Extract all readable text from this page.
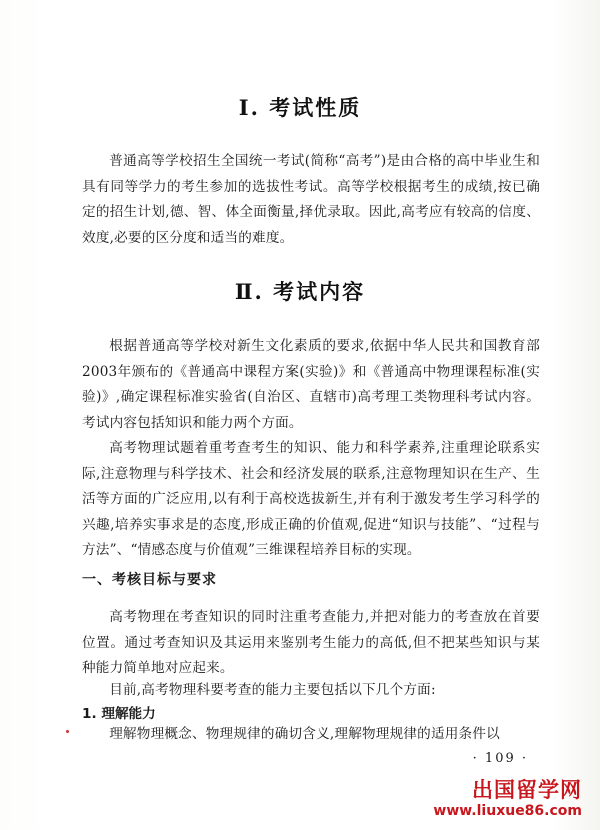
Ⅰ. 考试性质

普通高等学校招生全国统一考试(简称“高考”)是由合格的高中毕业生和具有同等学力的考生参加的选拔性考试。高等学校根据考生的成绩,按已确定的招生计划,德、智、体全面衡量,择优录取。因此,高考应有较高的信度、效度,必要的区分度和适当的难度。

Ⅱ. 考试内容

根据普通高等学校对新生文化素质的要求,依据中华人民共和国教育部2003年颁布的《普通高中课程方案(实验)》和《普通高中物理课程标准(实验)》,确定课程标准实验省(自治区、直辖市)高考理工类物理科考试内容。考试内容包括知识和能力两个方面。

高考物理试题着重考查考生的知识、能力和科学素养,注重理论联系实际,注意物理与科学技术、社会和经济发展的联系,注意物理知识在生产、生活等方面的广泛应用,以有利于高校选拔新生,并有利于激发考生学习科学的兴趣,培养实事求是的态度,形成正确的价值观,促进“知识与技能”、“过程与方法”、“情感态度与价值观”三维课程培养目标的实现。

一、考核目标与要求

高考物理在考查知识的同时注重考查能力,并把对能力的考查放在首要位置。通过考查知识及其运用来鉴别考生能力的高低,但不把某些知识与某种能力简单地对应起来。

目前,高考物理科要考查的能力主要包括以下几个方面:

1. 理解能力

理解物理概念、物理规律的确切含义,理解物理规律的适用条件以

· 109 ·
出国留学网
www.liuxue86.com
